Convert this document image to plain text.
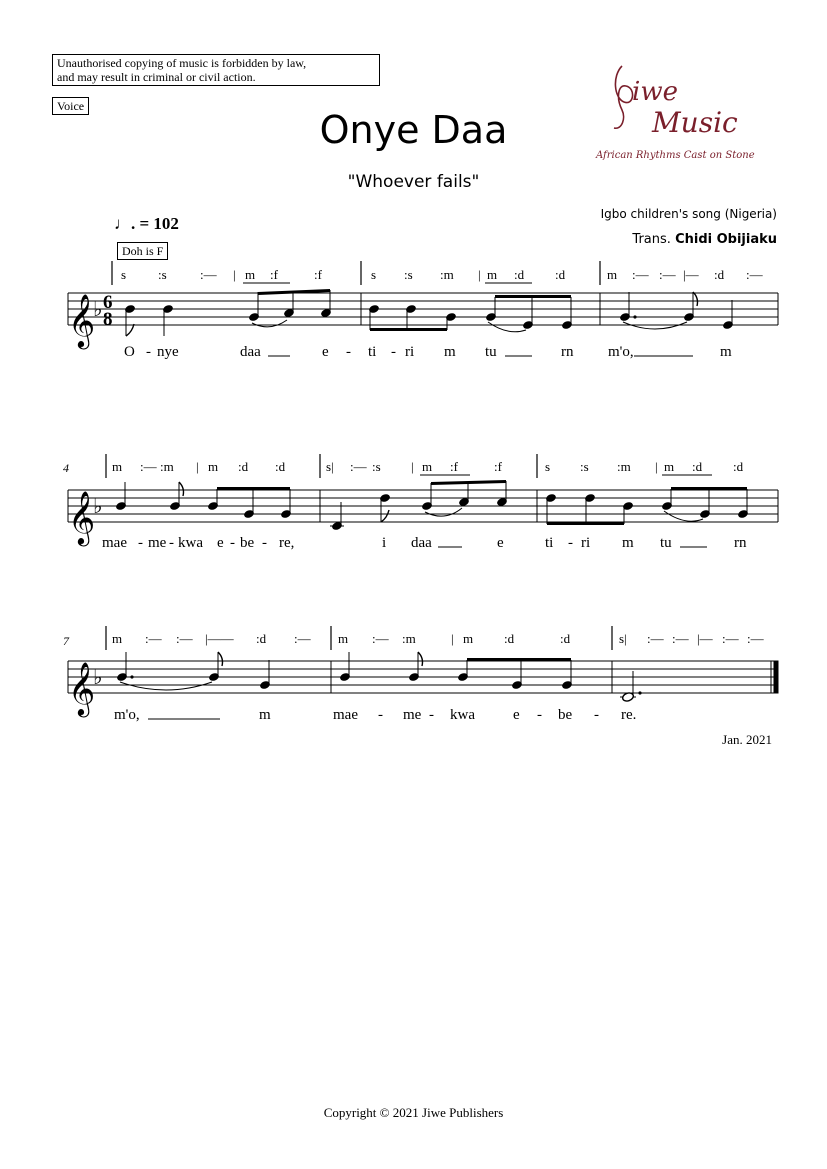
Unauthorised copying of music is forbidden by law,
and may result in criminal or civil action.
Voice
Onye Daa
"Whoever fails"
Igbo children's song (Nigeria)
Trans. Chidi Obijiaku
iwe
Music
African Rhythms Cast on Stone
♩. = 102
Doh is F
s :s	:— | m :f	:f	s :s :m | m :d :d	m :— :— |— :d :—
𝄞
♭ 6
8
O - nye	daa	e - ti - ri m tu	rn m'o,	m
4	m :— :m | m :d :d	s| :— :s | m :f	:f	s :s :m | m :d :d
𝄞
♭
mae - me - kwa e - be - re,	i daa	e	ti - ri m tu	rn
7	m :— :— |—— :d :— m :— :m	| m :d	:d	s| :— :— |— :— :—
𝄞
♭
m'o,	m	mae - me - kwa	e - be - re.
Jan. 2021
Copyright © 2021 Jiwe Publishers
